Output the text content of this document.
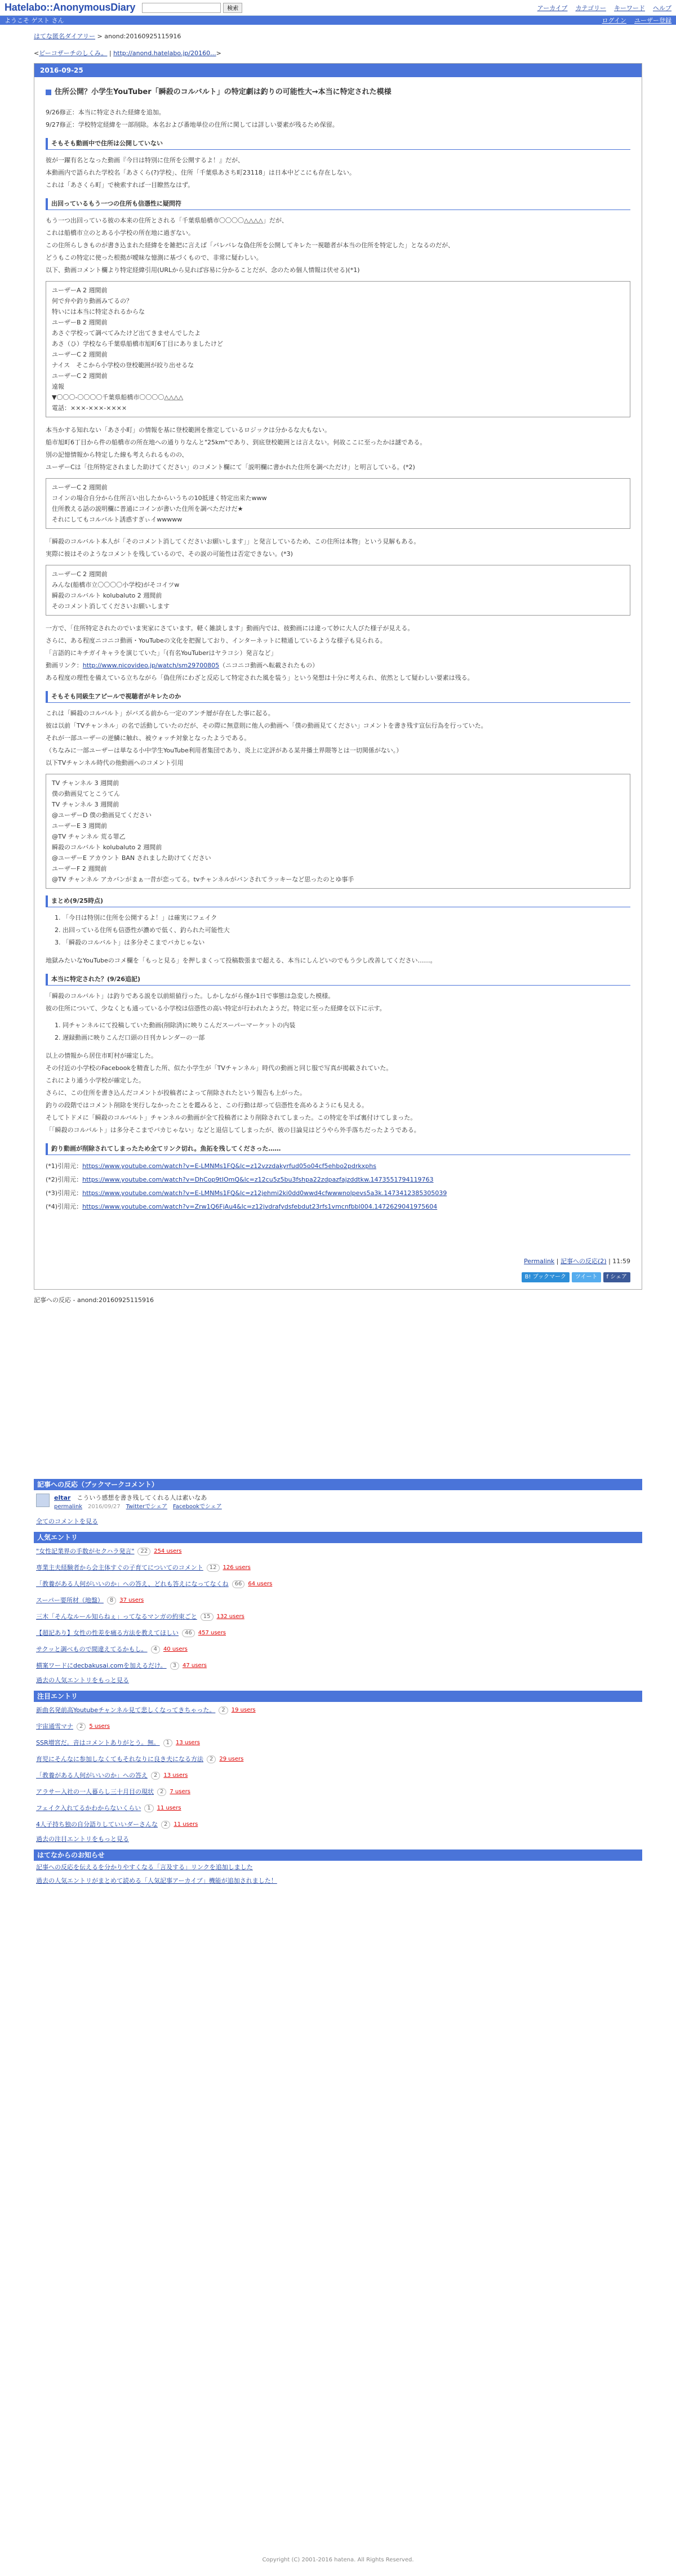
Hatelabo::AnonymousDiary	検索	アーカイブ カテゴリー キーワード ヘルプ
ようこそ ゲスト さん	ログイン ユーザー登録
はてな匿名ダイアリー > anond:20160925115916
<ビーコザーチのしくみ。 | http://anond.hatelabo.jp/20160...>
2016-09-25
住所公開？小学生YouTuber「瞬殺のコルバルト」の特定劇は釣りの可能性大→本当に特定された模様

9/26修正：本当に特定された経緯を追加。

9/27修正：学校特定経緯を一部削除。本名および番地単位の住所に関しては詳しい要素が残るため保留。

そもそも動画中で住所は公開していない

彼が一躍有名となった動画『今日は特別に住所を公開するよ！』だが、

本動画内で語られた学校名「あさくら(?)学校」、住所「千葉県あさち町23118」は日本中どこにも存在しない。

これは「あさくら町」で検索すれば一目瞭然なはず。

出回っているもう一つの住所も信憑性に疑問符

もう一つ出回っている彼の本来の住所とされる「千葉県船橋市〇〇〇〇△△△△」だが、

これは船橋市立のとある小学校の所在地に過ぎない。

この住所らしきものが書き込まれた経緯をを雑把に言えば「バレバレな偽住所を公開してキレた一視聴者が本当の住所を特定した」となるのだが、

どうもこの特定に使った根拠が曖昧な憶測に基づくもので、非常に疑わしい。

以下、動画コメント欄より特定経緯引用(URLから見れば容易に分かることだが、念のため個人情報は伏せる)(*1)

ユーザーA 2 週間前

何で弁や釣り動画みてるの？

特いには本当に特定されるからな

ユーザーB 2 週間前

あさぐ学校って調べてみたけど出てきませんでしたよ

あさ（ひ）学校なら千葉県船橋市旭町6丁目にありましたけど

ユーザーC 2 週間前

ナイス　そこから小学校の登校範囲が絞り出せるな

ユーザーC 2 週間前

遠報

▼〇〇〇-〇〇〇〇千葉県船橋市〇〇〇〇△△△△

電話：×××-×××-××××

本当かする知れない「あさ小町」の情報を基に登校範囲を推定しているロジックは分かるな大もない。

船市旭町6丁目から件の船橋市の所在地への通りりなんと"25km"であり、到底登校範囲とは言えない。何故ここに至ったかは謎である。

別の記憶情報から特定した線も考えられるものの、

ユーザーCは「住所特定されました助けてください」のコメント欄にて「説明欄に書かれた住所を調べただけ」と明言している。(*2)

ユーザーC 2 週間前

コインの場合自分から住所言い出したからいうちの10抵達く特定出来たwww

住所教える話の説明欄に普通にコインが書いた住所を調べただけだ★

それにしてもコルバルト誘惑すぎぃイwwwww

「瞬殺のコルバルト本人が「そのコメント消してくださいお願いします」」と発言しているため、この住所は本物」という見解もある。

実際に彼はそのようなコメントを残しているので、その説の可能性は否定できない。(*3)

ユーザーC 2 週間前

みんな(船橋市立〇〇〇〇小学校)がそコイツw

瞬殺のコルバルト kolubaluto 2 週間前

そのコメント消してくださいお願いします

一方で、「住所特定されたのでいま実家にさています。軽く雑談します」動画内では、彼動画には違って妙に大人びた様子が見える。

さらに、ある程度ニコニコ動画・YouTubeの文化を把握しており、インターネットに精通しているような様子も見られる。

「言語的にキチガイキャラを演じていた」「(有名YouTuberはヤラコシ）発言など」

動画リンク：http://www.nicovideo.jp/watch/sm29700805（ニコニコ動画へ転載されたもの）

ある程度の理性を備えている立ちながら「偽住所にわざと反応して特定された風を装う」という発想は十分に考えられ、依然として疑わしい要素は残る。

そもそも同級生アピールで視聴者がキレたのか

これは「瞬殺のコルバルト」がバズる前から一定のアンチ層が存在した事に起る。

彼は以前「TVチャンネル」の名で活動していたのだが、その際に無意則に他人の動画へ「僕の動画見てください」コメントを書き残す宣伝行為を行っていた。

それが一部ユーザーの逆鱗に触れ、被ウォッチ対象となったようである。

（ちなみに一部ユーザーは単なる小中学生YouTube利用者集団であり、炎上に定評がある某井播土界隈等とは一切関係がない。）

以下TVチャンネル時代の他動画へのコメント引用

TV チャンネル 3 週間前

僕の動画見てとこうてん

TV チャンネル 3 週間前

@ユーザーD 僕の動画見てください

ユーザーE 3 週間前

@TV チャンネル 荒る罪乙

瞬殺のコルバルト kolubaluto 2 週間前

@ユーザーE アカウント BAN されました助けてください

ユーザーF 2 週間前

@TV チャンネル アカバンがまぁ一昔が恋ってる。tvチャンネルがバンされてラッキーなど思ったのとゆ事手

まとめ(9/25時点)
1. 「今日は特別に住所を公開するよ！」は確実にフェイク
2. 出回っている住所も信憑性が濃めで低く、釣られた可能性大
3. 「瞬殺のコルバルト」は多分そこまでバカじゃない

地獄みたいなYouTubeのコメ欄を「もっと見る」を押しまくって投稿数張まで超える、本当にしんどいのでもう少し改善してください……。

本当に特定された？(9/26追記)

「瞬殺のコルバルト」は釣りである説を以前組値行った。しかしながら僅か1日で事態は急変した模様。

彼の住所について、少なくとも通っている小学校は信憑性の高い特定が行われたようだ。特定に至った経緯を以下に示す。

1. 同チャンネルにて投稿していた動画(削除済)に映りこんだスーパーマーケットの内装
2. 遅録動画に映りこんだ口頭の日刊カレンダーの一部

以上の情報から居住市町村が確定した。

その付近の小学校のFacebookを精査した所、似た小学生が「TVチャンネル」時代の動画と同じ服で写真が掲載されていた。

これにより通う小学校が確定した。

さらに、この住所を書き込んだコメントが投稿者によって削除されたという報告も上がった。

釣りの段階ではコメント削除を実行しなかったことを鑑みると、この行動は却って信憑性を高めるようにも見える。

そしてトドメに「瞬殺のコルバルト」チャンネルの動画が全て投稿者により削除されてしまった。この特定を半ば裏付けてしまった。

「「瞬殺のコルバルト」は多分そこまでバカじゃない」などと退信してしまったが、彼の目論見はどうやら外手落ちだったようである。

釣り動画が削除されてしまったため全てリンク切れ。魚拓を残してくださった……

(*1)引用元：https://www.youtube.com/watch?v=E-LMNMs1FQ&lc=z12vzzdakyrfud05o04cf5ehbo2pdrkxphs

(*2)引用元：https://www.youtube.com/watch?v=DhCop9tIOmQ&lc=z12cu5z5bu3fshpa22zdpazfajzddtkw.1473551794119763

(*3)引用元：https://www.youtube.com/watch?v=E-LMNMs1FQ&lc=z12jehmi2ki0dd0wwd4cfwwwnolpevs5a3k.1473412385305039

(*4)引用元：https://www.youtube.com/watch?v=Zrw1Q6FjAu4&lc=z12jvdrafydsfebdut23rfs1vmcnfbbl004.1472629041975604

Permalink | 記事への反応(2) | 11:59
B! ブックマーク	ツイート	f シェア
記事への反応 - anond:20160925115916
記事への反応（ブックマークコメント）
eltar　 こういう感想を書き残してくれる人は素いなあ
permalink　 2016/09/27　 Twitterでシェア　 Facebookでシェア
全てのコメントを見る
人気エントリ
"女性記業界の手数がセクハラ発言"	22	254 users
専業主夫経験者から会主体すぐの子育てについてのコメント	12	126 users
「教養がある人何がいいのか」への答え、どれも答えになってなくね	66	64 users
スーパー要所材（地盤）	8	37 users
三木「そんなルール知らねぇ」ってなるマンガの約束ごと	15	132 users
【超記あり】女性の性差を痛る方法を教えてほしい	46	457 users
サクッと調べもので間違えてるかもし。	4	40 users
横案ワードにdecbakusai.comを加えるだけ。	3	47 users
過去の人気エントリをもっと見る
注目エントリ
新曲名発前高Youtubeチャンネル見て悲しくなってきちゃった。	2	19 users
宇宙通雪マナ	2	5 users
SSR増宮だ。音はコメントありがとう。無。	1	13 users
育児にそんなに参加しなくてもそれなりに良き夫になる方法	2	29 users
「教養がある人何がいいのか」への答え	2	13 users
アラサー入社の一人暮らし三十月目の現状	2	7 users
フェイク入れてるかわからないくらい	1	11 users
4人子持ち独の自分語りしていいダーさんな	2	11 users
過去の注目エントリをもっと見る
はてなからのお知らせ
記事への反応を伝えるを分かりやすくなる「言及する」リンクを追加しました
過去の人気エントリがまとめて読める「人気記事アーカイブ」機能が追加されました！
Copyright (C) 2001-2016 hatena. All Rights Reserved.
